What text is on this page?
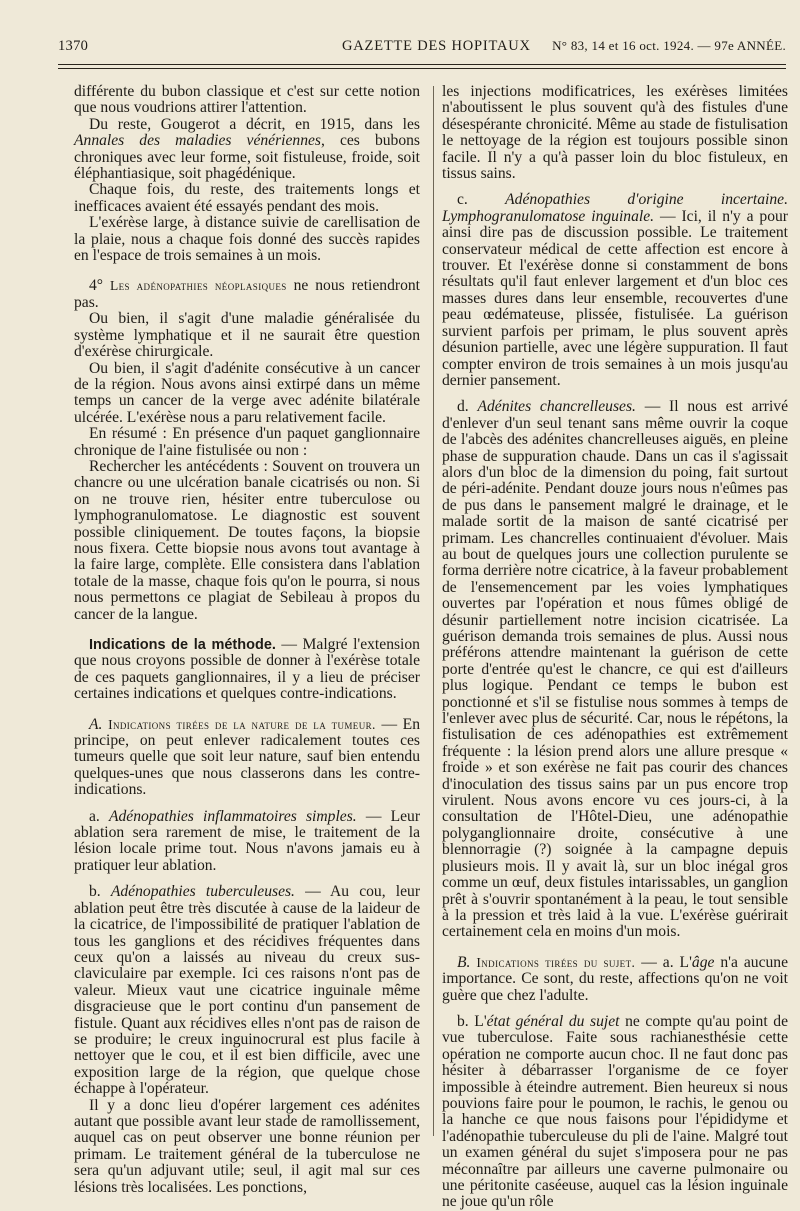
1370	GAZETTE DES HOPITAUX N° 83, 14 et 16 oct. 1924. — 97e ANNÉE.

différente du bubon classique et c'est sur cette notion que nous voudrions attirer l'attention.

Du reste, Gougerot a décrit, en 1915, dans les Annales des maladies vénériennes, ces bubons chroniques avec leur forme, soit fistuleuse, froide, soit éléphantiasique, soit phagédénique.

Chaque fois, du reste, des traitements longs et inefficaces avaient été essayés pendant des mois.

L'exérèse large, à distance suivie de carellisation de la plaie, nous a chaque fois donné des succès rapides en l'espace de trois semaines à un mois.

4° Les adénopathies néoplasiques ne nous retiendront pas.

Ou bien, il s'agit d'une maladie généralisée du système lymphatique et il ne saurait être question d'exérèse chirurgicale.

Ou bien, il s'agit d'adénite consécutive à un cancer de la région. Nous avons ainsi extirpé dans un même temps un cancer de la verge avec adénite bilatérale ulcérée. L'exérèse nous a paru relativement facile.

En résumé : En présence d'un paquet ganglionnaire chronique de l'aine fistulisée ou non :

Rechercher les antécédents : Souvent on trouvera un chancre ou une ulcération banale cicatrisés ou non. Si on ne trouve rien, hésiter entre tuberculose ou lymphogranulomatose. Le diagnostic est souvent possible cliniquement. De toutes façons, la biopsie nous fixera. Cette biopsie nous avons tout avantage à la faire large, complète. Elle consistera dans l'ablation totale de la masse, chaque fois qu'on le pourra, si nous nous permettons ce plagiat de Sebileau à propos du cancer de la langue.

Indications de la méthode. — Malgré l'extension que nous croyons possible de donner à l'exérèse totale de ces paquets ganglionnaires, il y a lieu de préciser certaines indications et quelques contre-indications.

A. Indications tirées de la nature de la tumeur. — En principe, on peut enlever radicalement toutes ces tumeurs quelle que soit leur nature, sauf bien entendu quelques-unes que nous classerons dans les contre-indications.

a. Adénopathies inflammatoires simples. — Leur ablation sera rarement de mise, le traitement de la lésion locale prime tout. Nous n'avons jamais eu à pratiquer leur ablation.

b. Adénopathies tuberculeuses. — Au cou, leur ablation peut être très discutée à cause de la laideur de la cicatrice, de l'impossibilité de pratiquer l'ablation de tous les ganglions et des récidives fréquentes dans ceux qu'on a laissés au niveau du creux sus-claviculaire par exemple. Ici ces raisons n'ont pas de valeur. Mieux vaut une cicatrice inguinale même disgracieuse que le port continu d'un pansement de fistule. Quant aux récidives elles n'ont pas de raison de se produire; le creux inguinocrural est plus facile à nettoyer que le cou, et il est bien difficile, avec une exposition large de la région, que quelque chose échappe à l'opérateur.

Il y a donc lieu d'opérer largement ces adénites autant que possible avant leur stade de ramollissement, auquel cas on peut observer une bonne réunion per primam. Le traitement général de la tuberculose ne sera qu'un adjuvant utile; seul, il agit mal sur ces lésions très localisées. Les ponctions,

les injections modificatrices, les exérèses limitées n'aboutissent le plus souvent qu'à des fistules d'une désespérante chronicité. Même au stade de fistulisation le nettoyage de la région est toujours possible sinon facile. Il n'y a qu'à passer loin du bloc fistuleux, en tissus sains.

c. Adénopathies d'origine incertaine. Lymphogranulomatose inguinale. — Ici, il n'y a pour ainsi dire pas de discussion possible. Le traitement conservateur médical de cette affection est encore à trouver. Et l'exérèse donne si constamment de bons résultats qu'il faut enlever largement et d'un bloc ces masses dures dans leur ensemble, recouvertes d'une peau œdémateuse, plissée, fistulisée. La guérison survient parfois per primam, le plus souvent après désunion partielle, avec une légère suppuration. Il faut compter environ de trois semaines à un mois jusqu'au dernier pansement.

d. Adénites chancrelleuses. — Il nous est arrivé d'enlever d'un seul tenant sans même ouvrir la coque de l'abcès des adénites chancrelleuses aiguës, en pleine phase de suppuration chaude. Dans un cas il s'agissait alors d'un bloc de la dimension du poing, fait surtout de péri-adénite. Pendant douze jours nous n'eûmes pas de pus dans le pansement malgré le drainage, et le malade sortit de la maison de santé cicatrisé per primam. Les chancrelles continuaient d'évoluer. Mais au bout de quelques jours une collection purulente se forma derrière notre cicatrice, à la faveur probablement de l'ensemencement par les voies lymphatiques ouvertes par l'opération et nous fûmes obligé de désunir partiellement notre incision cicatrisée. La guérison demanda trois semaines de plus. Aussi nous préférons attendre maintenant la guérison de cette porte d'entrée qu'est le chancre, ce qui est d'ailleurs plus logique. Pendant ce temps le bubon est ponctionné et s'il se fistulise nous sommes à temps de l'enlever avec plus de sécurité. Car, nous le répétons, la fistulisation de ces adénopathies est extrêmement fréquente : la lésion prend alors une allure presque « froide » et son exérèse ne fait pas courir des chances d'inoculation des tissus sains par un pus encore trop virulent. Nous avons encore vu ces jours-ci, à la consultation de l'Hôtel-Dieu, une adénopathie polyganglionnaire droite, consécutive à une blennorragie (?) soignée à la campagne depuis plusieurs mois. Il y avait là, sur un bloc inégal gros comme un œuf, deux fistules intarissables, un ganglion prêt à s'ouvrir spontanément à la peau, le tout sensible à la pression et très laid à la vue. L'exérèse guérirait certainement cela en moins d'un mois.

B. Indications tirées du sujet. — a. L'âge n'a aucune importance. Ce sont, du reste, affections qu'on ne voit guère que chez l'adulte.

b. L'état général du sujet ne compte qu'au point de vue tuberculose. Faite sous rachianesthésie cette opération ne comporte aucun choc. Il ne faut donc pas hésiter à débarrasser l'organisme de ce foyer impossible à éteindre autrement. Bien heureux si nous pouvions faire pour le poumon, le rachis, le genou ou la hanche ce que nous faisons pour l'épididyme et l'adénopathie tuberculeuse du pli de l'aine. Malgré tout un examen général du sujet s'imposera pour ne pas méconnaître par ailleurs une caverne pulmonaire ou une péritonite caséeuse, auquel cas la lésion inguinale ne joue qu'un rôle
